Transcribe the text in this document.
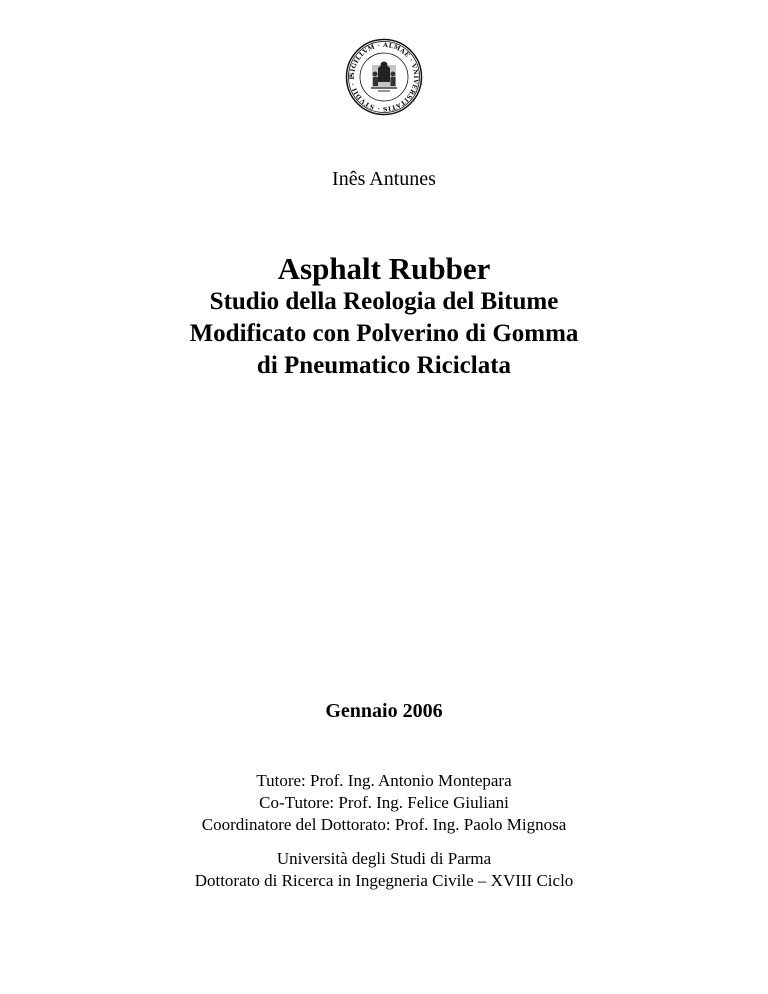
SIGILLVM · ALMAE · VNIVERSITATIS · STVDII · P
Inês Antunes
Asphalt Rubber
Studio della Reologia del Bitume
Modificato con Polverino di Gomma
di Pneumatico Riciclata
Gennaio 2006
Tutore: Prof. Ing. Antonio Montepara
Co-Tutore: Prof. Ing. Felice Giuliani
Coordinatore del Dottorato: Prof. Ing. Paolo Mignosa
Università degli Studi di Parma
Dottorato di Ricerca in Ingegneria Civile – XVIII Ciclo
